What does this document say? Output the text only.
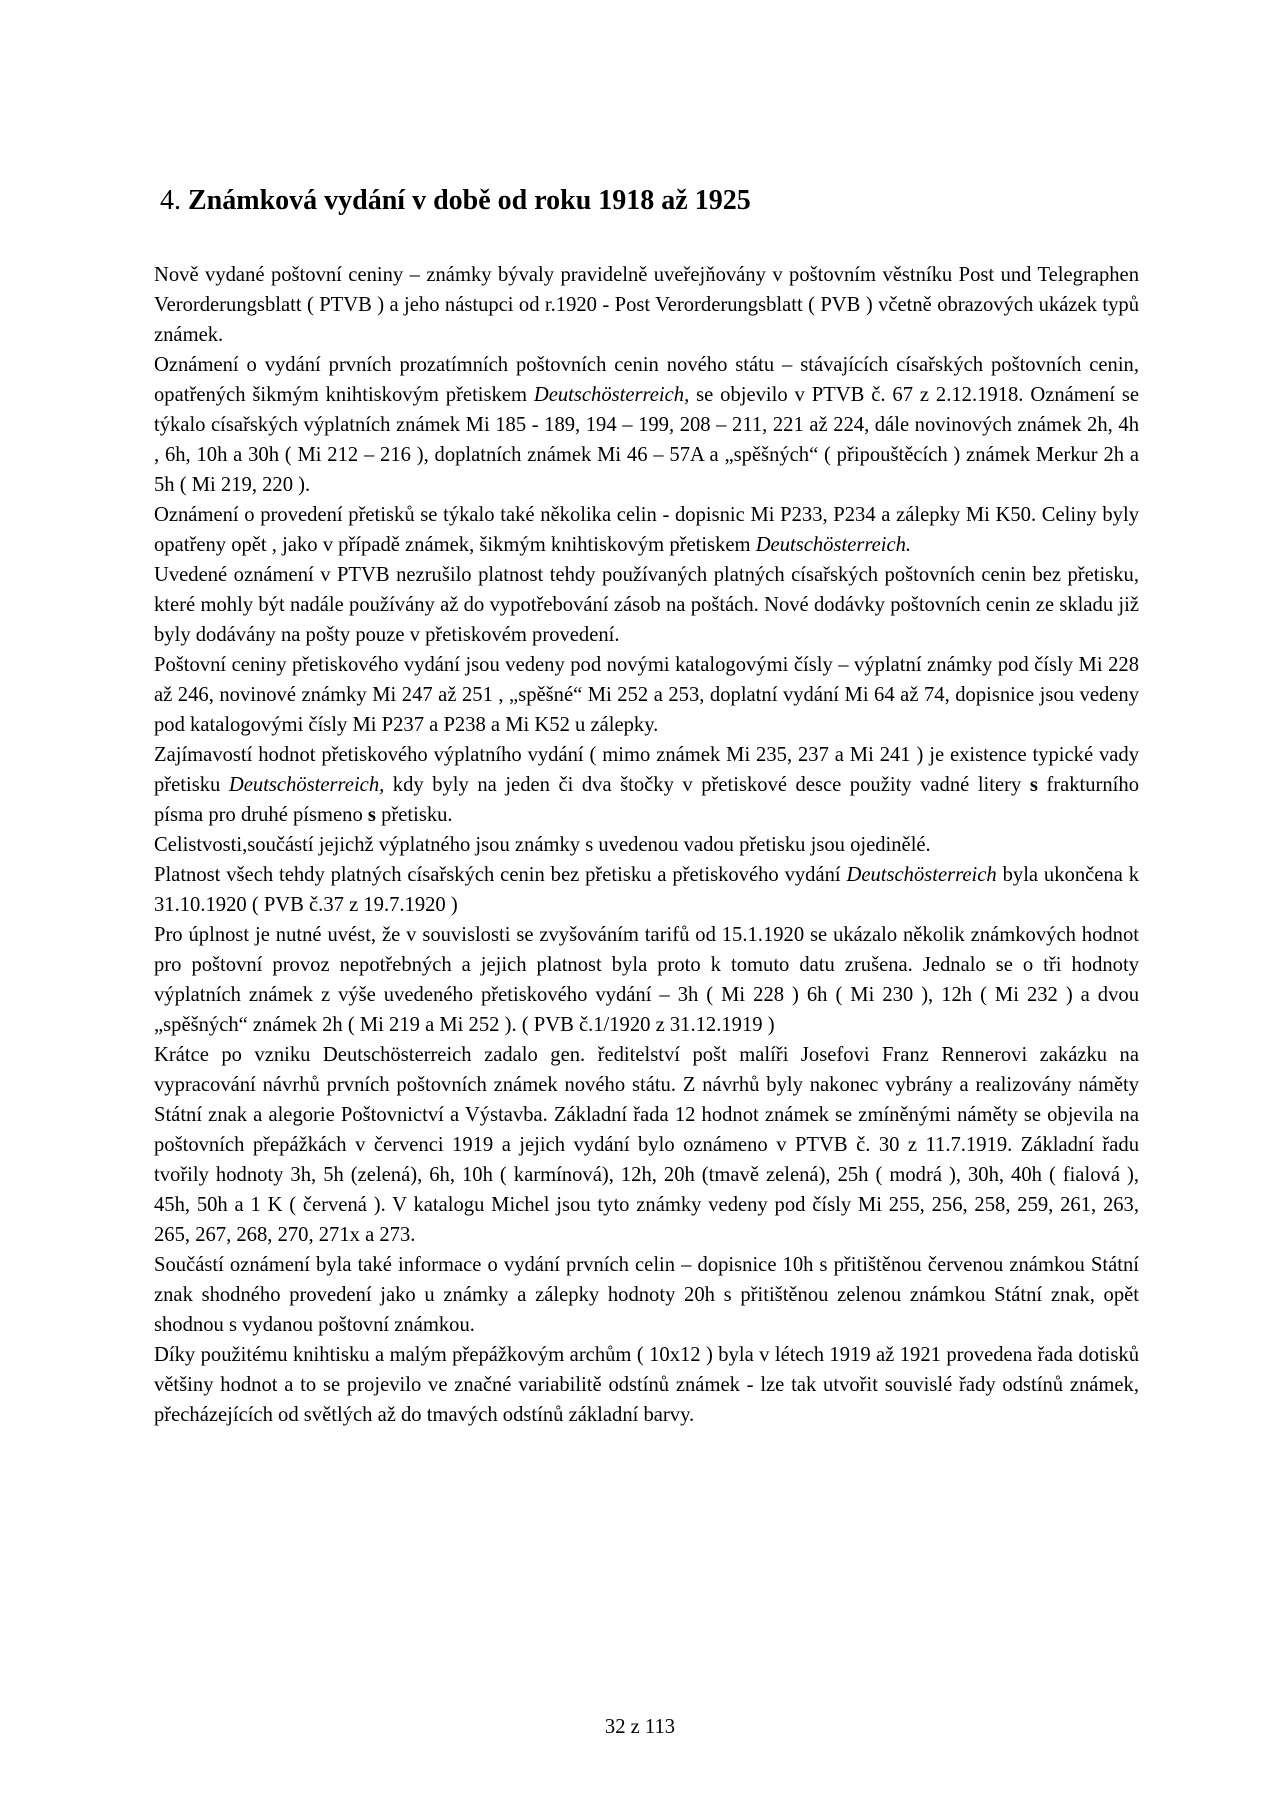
4. Známková vydání v době od roku 1918 až 1925

Nově vydané poštovní ceniny – známky bývaly pravidelně uveřejňovány v poštovním věstníku Post und Telegraphen Verorderungsblatt ( PTVB ) a jeho nástupci od r.1920 - Post Verorderungsblatt ( PVB ) včetně obrazových ukázek typů známek.

Oznámení o vydání prvních prozatímních poštovních cenin nového státu – stávajících císařských poštovních cenin, opatřených šikmým knihtiskovým přetiskem Deutschösterreich, se objevilo v PTVB č. 67 z 2.12.1918. Oznámení se týkalo císařských výplatních známek Mi 185 - 189, 194 – 199, 208 – 211, 221 až 224, dále novinových známek 2h, 4h , 6h, 10h a 30h ( Mi 212 – 216 ), doplatních známek Mi 46 – 57A a „spěšných“ ( připouštěcích ) známek Merkur 2h a 5h ( Mi 219, 220 ).

Oznámení o provedení přetisků se týkalo také několika celin - dopisnic Mi P233, P234 a zálepky Mi K50. Celiny byly opatřeny opět , jako v případě známek, šikmým knihtiskovým přetiskem Deutschösterreich.

Uvedené oznámení v PTVB nezrušilo platnost tehdy používaných platných císařských poštovních cenin bez přetisku, které mohly být nadále používány až do vypotřebování zásob na poštách. Nové dodávky poštovních cenin ze skladu již byly dodávány na pošty pouze v přetiskovém provedení.

Poštovní ceniny přetiskového vydání jsou vedeny pod novými katalogovými čísly – výplatní známky pod čísly Mi 228 až 246, novinové známky Mi 247 až 251 , „spěšné“ Mi 252 a 253, doplatní vydání Mi 64 až 74, dopisnice jsou vedeny pod katalogovými čísly Mi P237 a P238 a Mi K52 u zálepky.

Zajímavostí hodnot přetiskového výplatního vydání ( mimo známek Mi 235, 237 a Mi 241 ) je existence typické vady přetisku Deutschösterreich, kdy byly na jeden či dva štočky v přetiskové desce použity vadné litery s frakturního písma pro druhé písmeno s přetisku.

Celistvosti,součástí jejichž výplatného jsou známky s uvedenou vadou přetisku jsou ojedinělé.

Platnost všech tehdy platných císařských cenin bez přetisku a přetiskového vydání Deutschösterreich byla ukončena k 31.10.1920 ( PVB č.37 z 19.7.1920 )

Pro úplnost je nutné uvést, že v souvislosti se zvyšováním tarifů od 15.1.1920 se ukázalo několik známkových hodnot pro poštovní provoz nepotřebných a jejich platnost byla proto k tomuto datu zrušena. Jednalo se o tři hodnoty výplatních známek z výše uvedeného přetiskového vydání – 3h ( Mi 228 ) 6h ( Mi 230 ), 12h ( Mi 232 ) a dvou „spěšných“ známek 2h ( Mi 219 a Mi 252 ). ( PVB č.1/1920 z 31.12.1919 )

Krátce po vzniku Deutschösterreich zadalo gen. ředitelství pošt malíři Josefovi Franz Rennerovi zakázku na vypracování návrhů prvních poštovních známek nového státu. Z návrhů byly nakonec vybrány a realizovány náměty Státní znak a alegorie Poštovnictví a Výstavba. Základní řada 12 hodnot známek se zmíněnými náměty se objevila na poštovních přepážkách v červenci 1919 a jejich vydání bylo oznámeno v PTVB č. 30 z 11.7.1919. Základní řadu tvořily hodnoty 3h, 5h (zelená), 6h, 10h ( karmínová), 12h, 20h (tmavě zelená), 25h ( modrá ), 30h, 40h ( fialová ), 45h, 50h a 1 K ( červená ). V katalogu Michel jsou tyto známky vedeny pod čísly Mi 255, 256, 258, 259, 261, 263, 265, 267, 268, 270, 271x a 273.

Součástí oznámení byla také informace o vydání prvních celin – dopisnice 10h s přitištěnou červenou známkou Státní znak shodného provedení jako u známky a zálepky hodnoty 20h s přitištěnou zelenou známkou Státní znak, opět shodnou s vydanou poštovní známkou.

Díky použitému knihtisku a malým přepážkovým archům ( 10x12 ) byla v létech 1919 až 1921 provedena řada dotisků většiny hodnot a to se projevilo ve značné variabilitě odstínů známek - lze tak utvořit souvislé řady odstínů známek, přecházejících od světlých až do tmavých odstínů základní barvy.

32 z 113
